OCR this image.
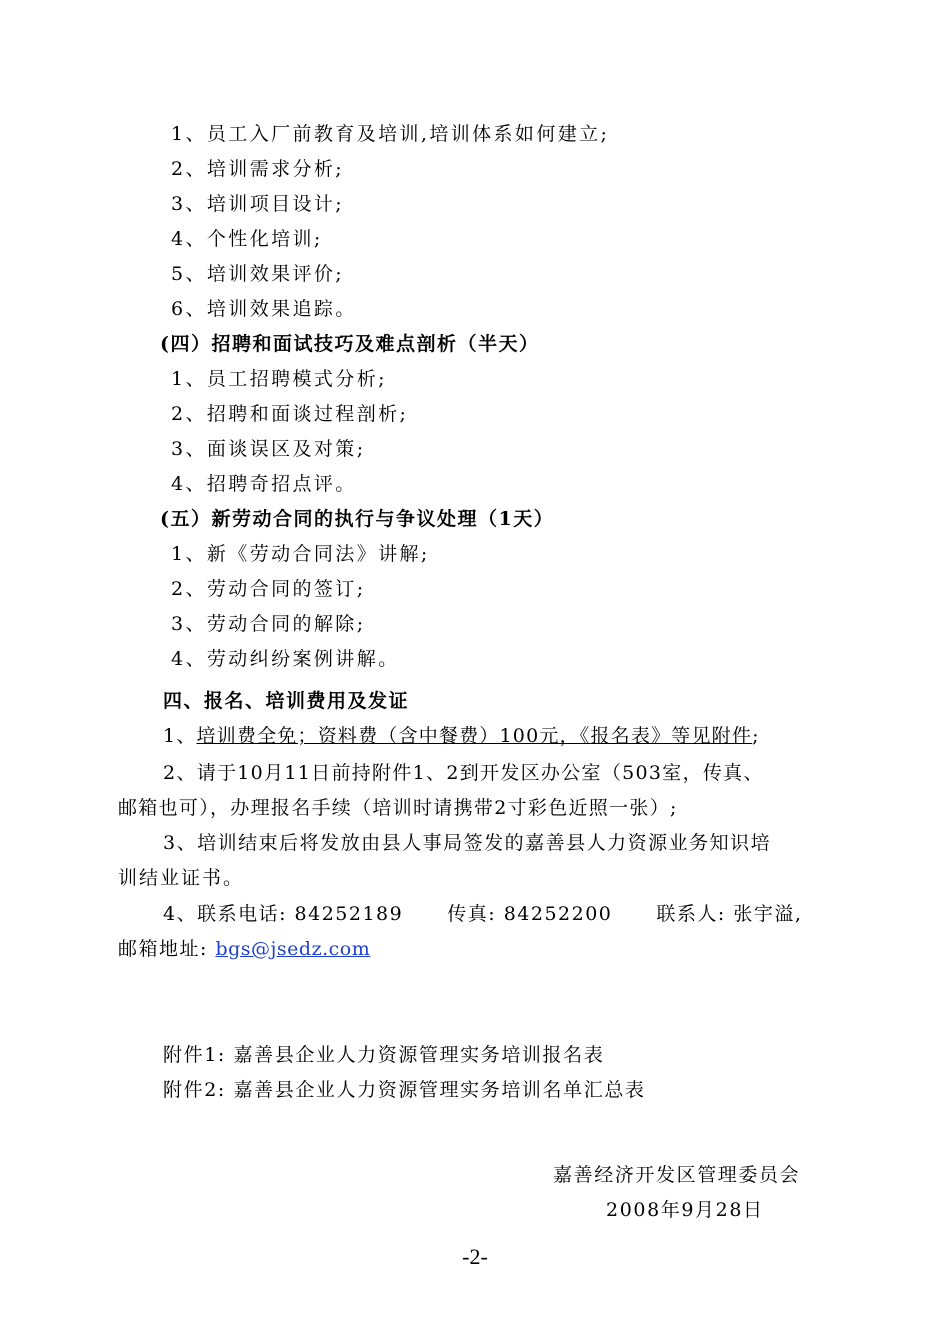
1、员工入厂前教育及培训,培训体系如何建立;
2、培训需求分析;
3、培训项目设计;
4、个性化培训;
5、培训效果评价;
6、培训效果追踪。
(四）招聘和面试技巧及难点剖析（半天）
1、员工招聘模式分析;
2、招聘和面谈过程剖析;
3、面谈误区及对策;
4、招聘奇招点评。
(五）新劳动合同的执行与争议处理（1天）
1、新《劳动合同法》讲解;
2、劳动合同的签订;
3、劳动合同的解除;
4、劳动纠纷案例讲解。
四、报名、培训费用及发证
1、培训费全免；资料费（含中餐费）100元，《报名表》等见附件;
2、请于10月11日前持附件1、2到开发区办公室（503室，传真、
邮箱也可），办理报名手续（培训时请携带2寸彩色近照一张）;
3、培训结束后将发放由县人事局签发的嘉善县人力资源业务知识培
训结业证书。
4、联系电话: 84252189 传真: 84252200 联系人: 张宇溢,
邮箱地址: bgs@jsedz.com
附件1: 嘉善县企业人力资源管理实务培训报名表
附件2: 嘉善县企业人力资源管理实务培训名单汇总表
嘉善经济开发区管理委员会
2008年9月28日
-2-
